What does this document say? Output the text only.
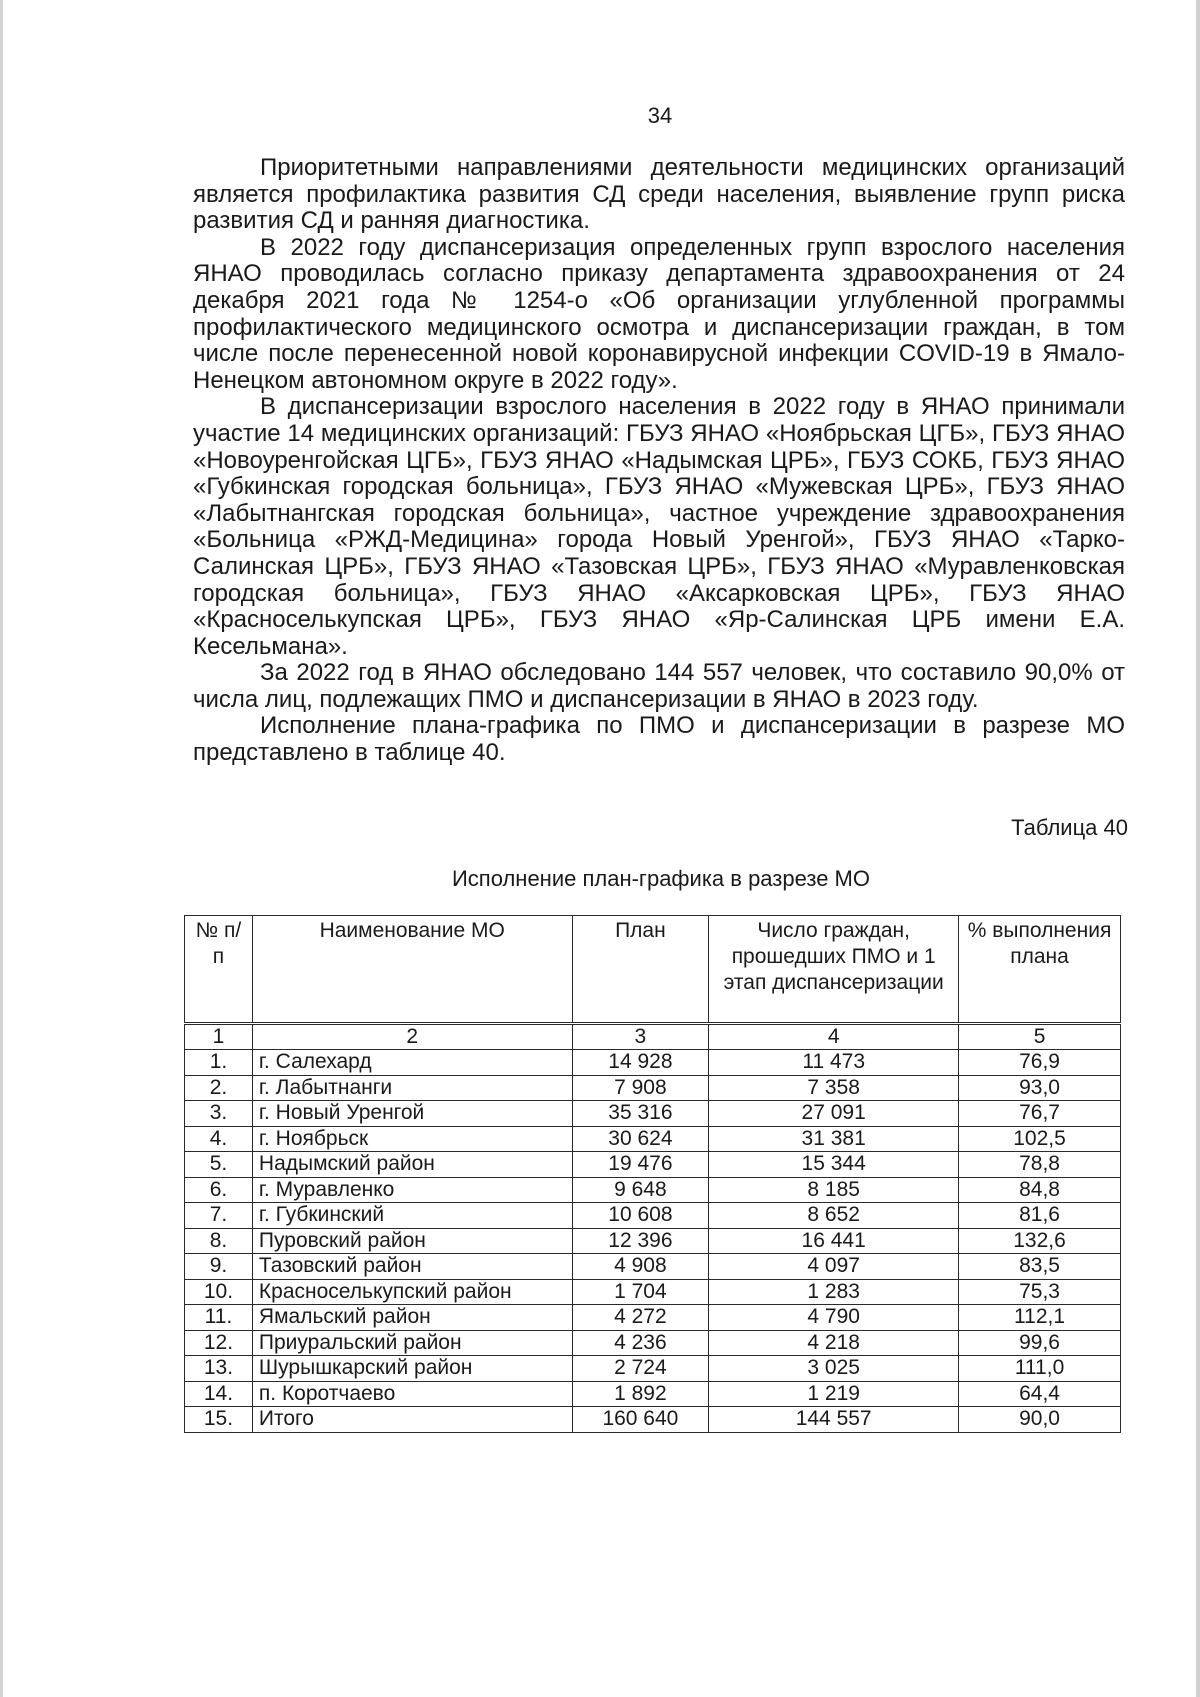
34

Приоритетными направлениями деятельности медицинских организаций является профилактика развития СД среди населения, выявление групп риска развития СД и ранняя диагностика.

В 2022 году диспансеризация определенных групп взрослого населения ЯНАО проводилась согласно приказу департамента здравоохранения от 24 декабря 2021 года № 1254-о «Об организации углубленной программы профилактического медицинского осмотра и диспансеризации граждан, в том числе после перенесенной новой коронавирусной инфекции COVID-19 в Ямало-Ненецком автономном округе в 2022 году».

В диспансеризации взрослого населения в 2022 году в ЯНАО принимали участие 14 медицинских организаций: ГБУЗ ЯНАО «Ноябрьская ЦГБ», ГБУЗ ЯНАО «Новоуренгойская ЦГБ», ГБУЗ ЯНАО «Надымская ЦРБ», ГБУЗ СОКБ, ГБУЗ ЯНАО «Губкинская городская больница», ГБУЗ ЯНАО «Мужевская ЦРБ», ГБУЗ ЯНАО «Лабытнангская городская больница», частное учреждение здравоохранения «Больница «РЖД-Медицина» города Новый Уренгой», ГБУЗ ЯНАО «Тарко-Салинская ЦРБ», ГБУЗ ЯНАО «Тазовская ЦРБ», ГБУЗ ЯНАО «Муравленковская городская больница», ГБУЗ ЯНАО «Аксарковская ЦРБ», ГБУЗ ЯНАО «Красноселькупская ЦРБ», ГБУЗ ЯНАО «Яр-Салинская ЦРБ имени Е.А. Кесельмана».

За 2022 год в ЯНАО обследовано 144 557 человек, что составило 90,0% от числа лиц, подлежащих ПМО и диспансеризации в ЯНАО в 2023 году.

Исполнение плана-графика по ПМО и диспансеризации в разрезе МО представлено в таблице 40.

Таблица 40
Исполнение план-графика в разрезе МО
№ п/п	Наименование МО	План	Число граждан, прошедших ПМО и 1 этап диспансеризации	% выполнения плана
1	2	3	4	5
1.	г. Салехард	14 928	11 473	76,9
2.	г. Лабытнанги	7 908	7 358	93,0
3.	г. Новый Уренгой	35 316	27 091	76,7
4.	г. Ноябрьск	30 624	31 381	102,5
5.	Надымский район	19 476	15 344	78,8
6.	г. Муравленко	9 648	8 185	84,8
7.	г. Губкинский	10 608	8 652	81,6
8.	Пуровский район	12 396	16 441	132,6
9.	Тазовский район	4 908	4 097	83,5
10.	Красноселькупский район	1 704	1 283	75,3
11.	Ямальский район	4 272	4 790	112,1
12.	Приуральский район	4 236	4 218	99,6
13.	Шурышкарский район	2 724	3 025	111,0
14.	п. Коротчаево	1 892	1 219	64,4
15.	Итого	160 640	144 557	90,0
